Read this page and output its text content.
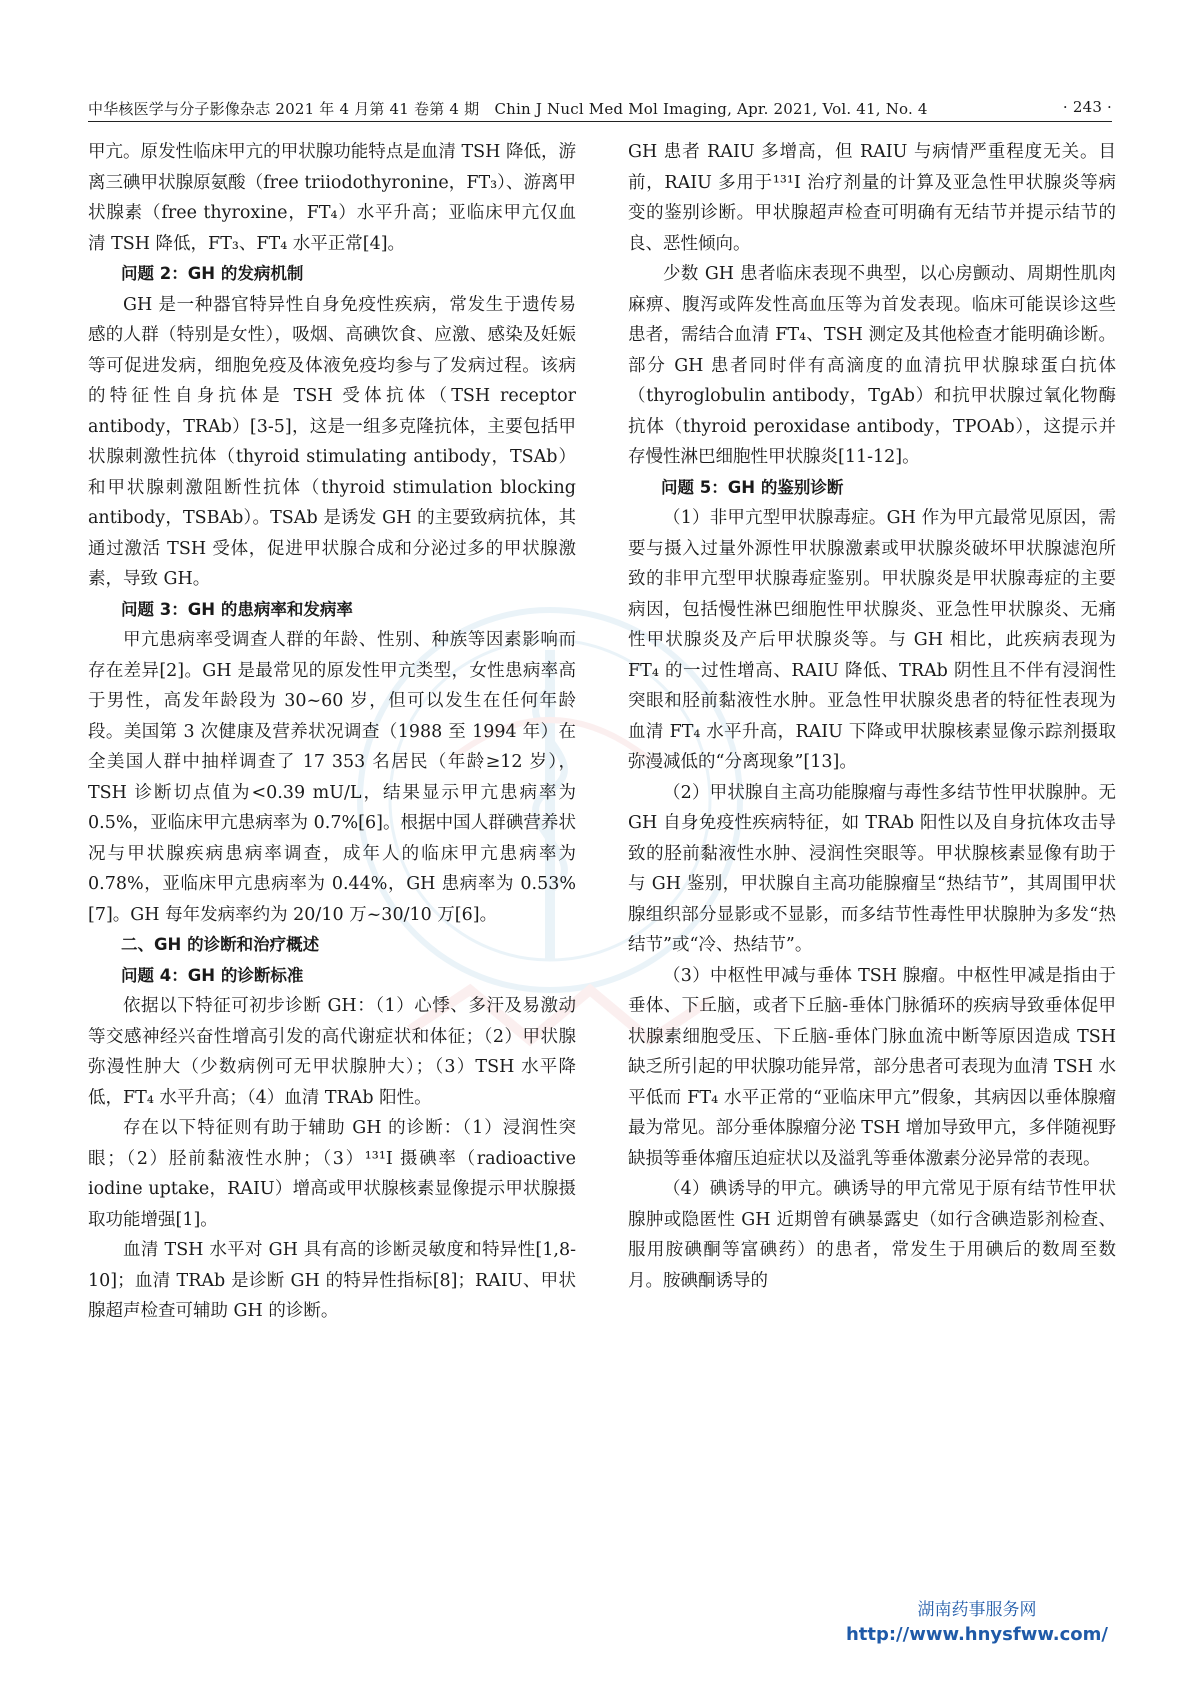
中华核医学与分子影像杂志 2021 年 4 月第 41 卷第 4 期　Chin J Nucl Med Mol Imaging, Apr. 2021, Vol. 41, No. 4	· 243 ·

甲亢。原发性临床甲亢的甲状腺功能特点是血清 TSH 降低，游离三碘甲状腺原氨酸（free triiodothyronine，FT₃）、游离甲状腺素（free thyroxine，FT₄）水平升高；亚临床甲亢仅血清 TSH 降低，FT₃、FT₄ 水平正常[4]。

问题 2：GH 的发病机制

GH 是一种器官特异性自身免疫性疾病，常发生于遗传易感的人群（特别是女性），吸烟、高碘饮食、应激、感染及妊娠等可促进发病，细胞免疫及体液免疫均参与了发病过程。该病的特征性自身抗体是 TSH 受体抗体（TSH receptor antibody，TRAb）[3-5]，这是一组多克隆抗体，主要包括甲状腺刺激性抗体（thyroid stimulating antibody，TSAb）和甲状腺刺激阻断性抗体（thyroid stimulation blocking antibody，TSBAb）。TSAb 是诱发 GH 的主要致病抗体，其通过激活 TSH 受体，促进甲状腺合成和分泌过多的甲状腺激素，导致 GH。

问题 3：GH 的患病率和发病率

甲亢患病率受调查人群的年龄、性别、种族等因素影响而存在差异[2]。GH 是最常见的原发性甲亢类型，女性患病率高于男性，高发年龄段为 30~60 岁，但可以发生在任何年龄段。美国第 3 次健康及营养状况调查（1988 至 1994 年）在全美国人群中抽样调查了 17 353 名居民（年龄≥12 岁），TSH 诊断切点值为<0.39 mU/L，结果显示甲亢患病率为 0.5%，亚临床甲亢患病率为 0.7%[6]。根据中国人群碘营养状况与甲状腺疾病患病率调查，成年人的临床甲亢患病率为 0.78%，亚临床甲亢患病率为 0.44%，GH 患病率为 0.53%[7]。GH 每年发病率约为 20/10 万~30/10 万[6]。

二、GH 的诊断和治疗概述

问题 4：GH 的诊断标准

依据以下特征可初步诊断 GH：（1）心悸、多汗及易激动等交感神经兴奋性增高引发的高代谢症状和体征；（2）甲状腺弥漫性肿大（少数病例可无甲状腺肿大）；（3）TSH 水平降低，FT₄ 水平升高；（4）血清 TRAb 阳性。

存在以下特征则有助于辅助 GH 的诊断：（1）浸润性突眼；（2）胫前黏液性水肿；（3）¹³¹I 摄碘率（radioactive iodine uptake，RAIU）增高或甲状腺核素显像提示甲状腺摄取功能增强[1]。

血清 TSH 水平对 GH 具有高的诊断灵敏度和特异性[1,8-10]；血清 TRAb 是诊断 GH 的特异性指标[8]；RAIU、甲状腺超声检查可辅助 GH 的诊断。

GH 患者 RAIU 多增高，但 RAIU 与病情严重程度无关。目前，RAIU 多用于¹³¹I 治疗剂量的计算及亚急性甲状腺炎等病变的鉴别诊断。甲状腺超声检查可明确有无结节并提示结节的良、恶性倾向。

少数 GH 患者临床表现不典型，以心房颤动、周期性肌肉麻痹、腹泻或阵发性高血压等为首发表现。临床可能误诊这些患者，需结合血清 FT₄、TSH 测定及其他检查才能明确诊断。部分 GH 患者同时伴有高滴度的血清抗甲状腺球蛋白抗体（thyroglobulin antibody，TgAb）和抗甲状腺过氧化物酶抗体（thyroid peroxidase antibody，TPOAb），这提示并存慢性淋巴细胞性甲状腺炎[11-12]。

问题 5：GH 的鉴别诊断

（1）非甲亢型甲状腺毒症。GH 作为甲亢最常见原因，需要与摄入过量外源性甲状腺激素或甲状腺炎破坏甲状腺滤泡所致的非甲亢型甲状腺毒症鉴别。甲状腺炎是甲状腺毒症的主要病因，包括慢性淋巴细胞性甲状腺炎、亚急性甲状腺炎、无痛性甲状腺炎及产后甲状腺炎等。与 GH 相比，此疾病表现为 FT₄ 的一过性增高、RAIU 降低、TRAb 阴性且不伴有浸润性突眼和胫前黏液性水肿。亚急性甲状腺炎患者的特征性表现为血清 FT₄ 水平升高，RAIU 下降或甲状腺核素显像示踪剂摄取弥漫减低的“分离现象”[13]。

（2）甲状腺自主高功能腺瘤与毒性多结节性甲状腺肿。无 GH 自身免疫性疾病特征，如 TRAb 阳性以及自身抗体攻击导致的胫前黏液性水肿、浸润性突眼等。甲状腺核素显像有助于与 GH 鉴别，甲状腺自主高功能腺瘤呈“热结节”，其周围甲状腺组织部分显影或不显影，而多结节性毒性甲状腺肿为多发“热结节”或“冷、热结节”。

（3）中枢性甲减与垂体 TSH 腺瘤。中枢性甲减是指由于垂体、下丘脑，或者下丘脑-垂体门脉循环的疾病导致垂体促甲状腺素细胞受压、下丘脑-垂体门脉血流中断等原因造成 TSH 缺乏所引起的甲状腺功能异常，部分患者可表现为血清 TSH 水平低而 FT₄ 水平正常的“亚临床甲亢”假象，其病因以垂体腺瘤最为常见。部分垂体腺瘤分泌 TSH 增加导致甲亢，多伴随视野缺损等垂体瘤压迫症状以及溢乳等垂体激素分泌异常的表现。

（4）碘诱导的甲亢。碘诱导的甲亢常见于原有结节性甲状腺肿或隐匿性 GH 近期曾有碘暴露史（如行含碘造影剂检查、服用胺碘酮等富碘药）的患者，常发生于用碘后的数周至数月。胺碘酮诱导的

湖南药事服务网
http://www.hnysfww.com/
